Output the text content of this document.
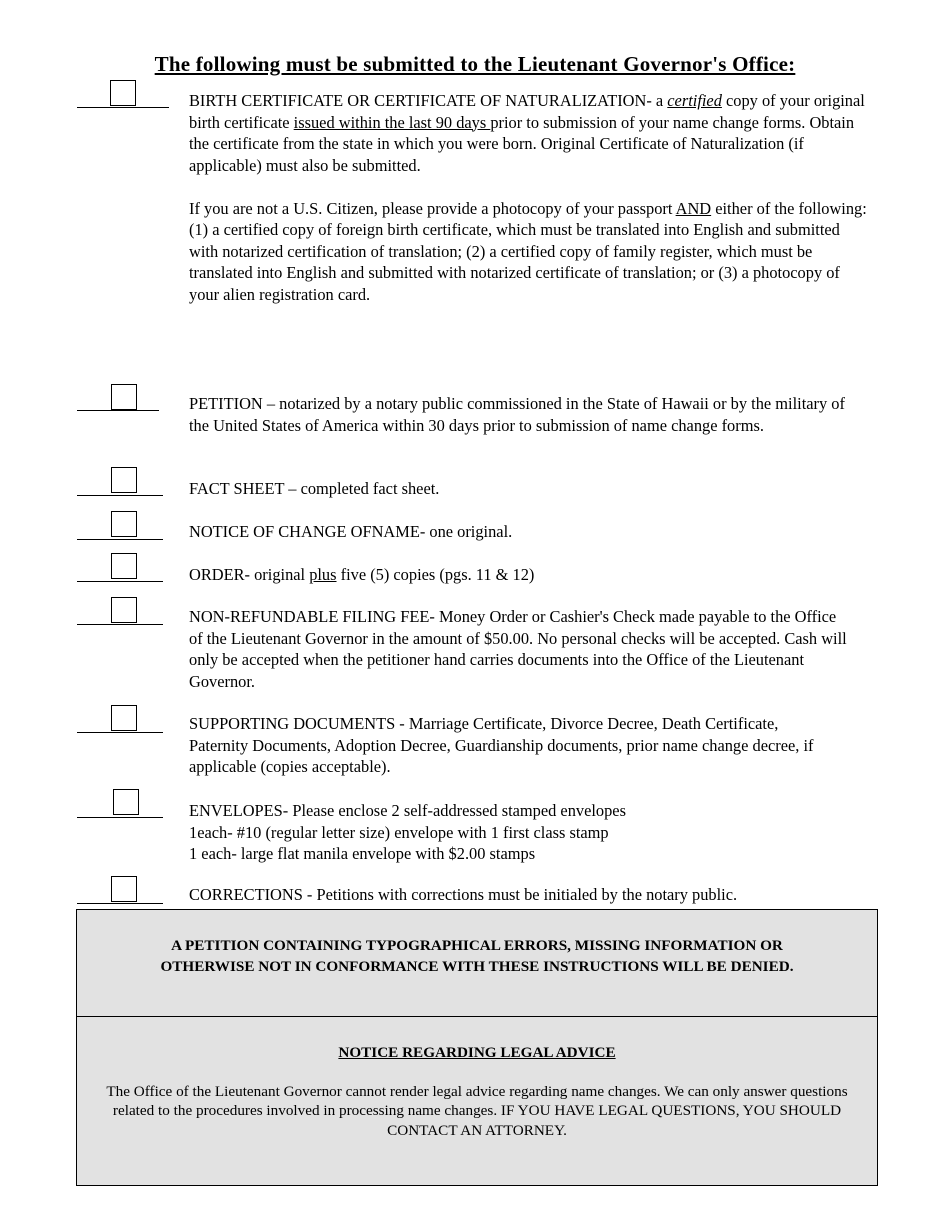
The following must be submitted to the Lieutenant Governor's Office:

BIRTH CERTIFICATE OR CERTIFICATE OF NATURALIZATION- a certified copy of your original birth certificate issued within the last 90 days prior to submission of your name change forms. Obtain the certificate from the state in which you were born. Original Certificate of Naturalization (if applicable) must also be submitted.

If you are not a U.S. Citizen, please provide a photocopy of your passport AND either of the following: (1) a certified copy of foreign birth certificate, which must be translated into English and submitted with notarized certification of translation; (2) a certified copy of family register, which must be translated into English and submitted with notarized certificate of translation; or (3) a photocopy of your alien registration card.

PETITION – notarized by a notary public commissioned in the State of Hawaii or by the military of the United States of America within 30 days prior to submission of name change forms.
FACT SHEET – completed fact sheet.
NOTICE OF CHANGE OFNAME- one original.
ORDER- original plus five (5) copies (pgs. 11 & 12)
NON-REFUNDABLE FILING FEE- Money Order or Cashier's Check made payable to the Office of the Lieutenant Governor in the amount of $50.00. No personal checks will be accepted. Cash will only be accepted when the petitioner hand carries documents into the Office of the Lieutenant Governor.
SUPPORTING DOCUMENTS - Marriage Certificate, Divorce Decree, Death Certificate, Paternity Documents, Adoption Decree, Guardianship documents, prior name change decree, if applicable (copies acceptable).
ENVELOPES- Please enclose 2 self-addressed stamped envelopes
1each- #10 (regular letter size) envelope with 1 first class stamp
1 each- large flat manila envelope with $2.00 stamps
CORRECTIONS - Petitions with corrections must be initialed by the notary public.
A PETITION CONTAINING TYPOGRAPHICAL ERRORS, MISSING INFORMATION OR
OTHERWISE NOT IN CONFORMANCE WITH THESE INSTRUCTIONS WILL BE DENIED.
NOTICE REGARDING LEGAL ADVICE
The Office of the Lieutenant Governor cannot render legal advice regarding name changes. We can only answer questions related to the procedures involved in processing name changes. IF YOU HAVE LEGAL QUESTIONS, YOU SHOULD CONTACT AN ATTORNEY.
